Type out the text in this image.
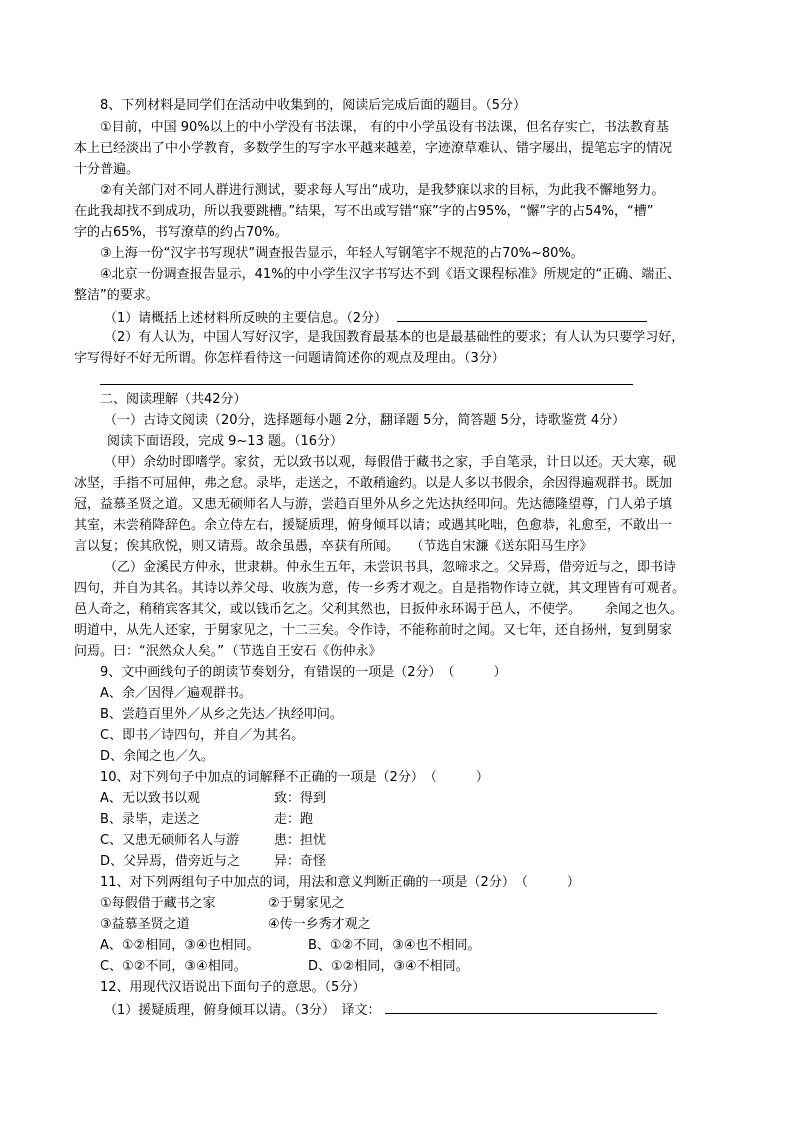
8、下列材料是同学们在活动中收集到的，阅读后完成后面的题目。（5分）
①目前，中国 90%以上的中小学没有书法课， 有的中小学虽设有书法课，但名存实亡，书法教育基
本上已经淡出了中小学教育，多数学生的写字水平越来越差，字迹潦草难认、错字屡出，提笔忘字的情况
十分普遍。
②有关部门对不同人群进行测试，要求每人写出“成功，是我梦寐以求的目标，为此我不懈地努力。
在此我却找不到成功，所以我要跳槽。”结果，写不出或写错“寐”字的占95%，“懈”字的占54%，“槽”
字的占65%，书写潦草的约占70%。
③上海一份“汉字书写现状”调查报告显示，年轻人写钢笔字不规范的占70%~80%。
④北京一份调查报告显示，41%的中小学生汉字书写达不到《语文课程标准》所规定的“正确、端正、
整洁”的要求。
（1）请概括上述材料所反映的主要信息。（2分）
（2）有人认为，中国人写好汉字，是我国教育最基本的也是最基础性的要求；有人认为只要学习好，
字写得好不好无所谓。你怎样看待这一问题请简述你的观点及理由。（3分）
二、阅读理解（共42分）
（一）古诗文阅读（20分，选择题每小题 2分，翻译题 5分，简答题 5分，诗歌鉴赏 4分）
阅读下面语段，完成 9~13 题。（16分）
（甲）余幼时即嗜学。家贫，无以致书以观，每假借于藏书之家，手自笔录，计日以还。天大寒，砚
冰坚，手指不可屈伸，弗之怠。录毕，走送之，不敢稍逾约。以是人多以书假余，余因得遍观群书。既加
冠，益慕圣贤之道。又患无硕师名人与游，尝趋百里外从乡之先达执经叩问。先达德隆望尊，门人弟子填
其室，未尝稍降辞色。余立侍左右，援疑质理，俯身倾耳以请；或遇其叱咄，色愈恭，礼愈至，不敢出一
言以复；俟其欣悦，则又请焉。故余虽愚，卒获有所闻。 （节选自宋濂《送东阳马生序》
（乙）金溪民方仲永，世隶耕。仲永生五年，未尝识书具，忽啼求之。父异焉，借旁近与之，即书诗
四句，并自为其名。其诗以养父母、收族为意，传一乡秀才观之。自是指物作诗立就，其文理皆有可观者。
邑人奇之，稍稍宾客其父，或以钱币乞之。父利其然也，日扳仲永环谒于邑人，不使学。 余闻之也久。
明道中，从先人还家，于舅家见之，十二三矣。令作诗，不能称前时之闻。又七年，还自扬州，复到舅家
问焉。曰：“泯然众人矣。” （节选自王安石《伤仲永》
9、文中画线句子的朗读节奏划分，有错误的一项是（2分）　（　　　）
A、余／因得／遍观群书。
B、尝趋百里外／从乡之先达／执经叩问。
C、即书／诗四句，并自／为其名。
D、余闻之也／久。
10、对下列句子中加点的词解释不正确的一项是（2分）　（　　　）
A、无以致书以观	致：得到
B、录毕，走送之	走：跑
C、又患无硕师名人与游	患：担忧
D、父异焉，借旁近与之	异：奇怪
11、对下列两组句子中加点的词，用法和意义判断正确的一项是（2分）　（　　　）
①每假借于藏书之家	②于舅家见之
③益慕圣贤之道	④传一乡秀才观之
A、①②相同，③④也相同。	B、①②不同，③④也不相同。
C、①②不同，③④相同。	D、①②相同，③④不相同。
12、用现代汉语说出下面句子的意思。（5分）
（1）援疑质理，俯身倾耳以请。（3分）　译文：
